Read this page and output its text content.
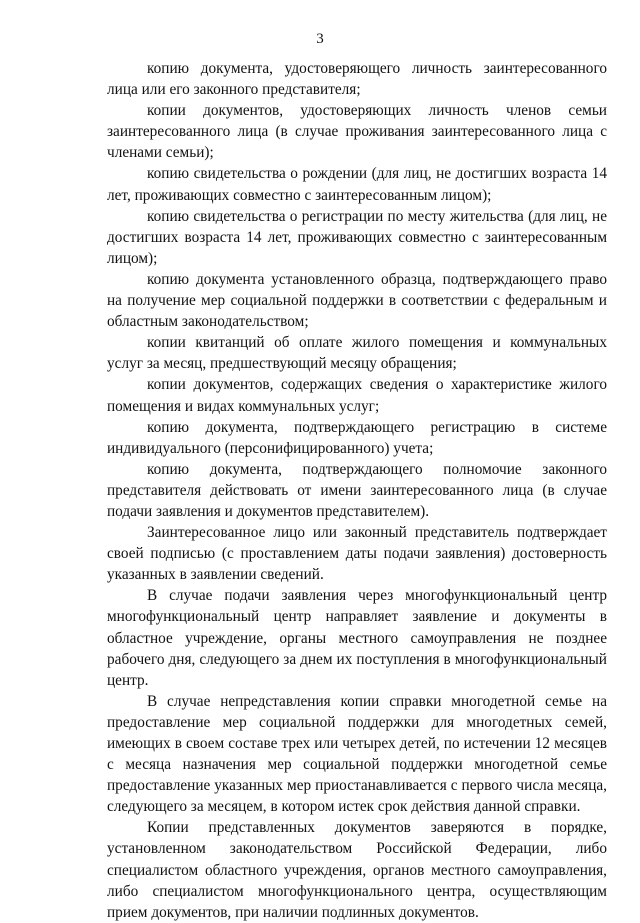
3

копию документа, удостоверяющего личность заинтересованного лица или его законного представителя;

копии документов, удостоверяющих личность членов семьи заинтересованного лица (в случае проживания заинтересованного лица с членами семьи);

копию свидетельства о рождении (для лиц, не достигших возраста 14 лет, проживающих совместно с заинтересованным лицом);

копию свидетельства о регистрации по месту жительства (для лиц, не достигших возраста 14 лет, проживающих совместно с заинтересованным лицом);

копию документа установленного образца, подтверждающего право на получение мер социальной поддержки в соответствии с федеральным и областным законодательством;

копии квитанций об оплате жилого помещения и коммунальных услуг за месяц, предшествующий месяцу обращения;

копии документов, содержащих сведения о характеристике жилого помещения и видах коммунальных услуг;

копию документа, подтверждающего регистрацию в системе индивидуального (персонифицированного) учета;

копию документа, подтверждающего полномочие законного представителя действовать от имени заинтересованного лица (в случае подачи заявления и документов представителем).

Заинтересованное лицо или законный представитель подтверждает своей подписью (с проставлением даты подачи заявления) достоверность указанных в заявлении сведений.

В случае подачи заявления через многофункциональный центр многофункциональный центр направляет заявление и документы в областное учреждение, органы местного самоуправления не позднее рабочего дня, следующего за днем их поступления в многофункциональный центр.

В случае непредставления копии справки многодетной семье на предоставление мер социальной поддержки для многодетных семей, имеющих в своем составе трех или четырех детей, по истечении 12 месяцев с месяца назначения мер социальной поддержки многодетной семье предоставление указанных мер приостанавливается с первого числа месяца, следующего за месяцем, в котором истек срок действия данной справки.

Копии представленных документов заверяются в порядке, установленном законодательством Российской Федерации, либо специалистом областного учреждения, органов местного самоуправления, либо специалистом многофункционального центра, осуществляющим прием документов, при наличии подлинных документов.
